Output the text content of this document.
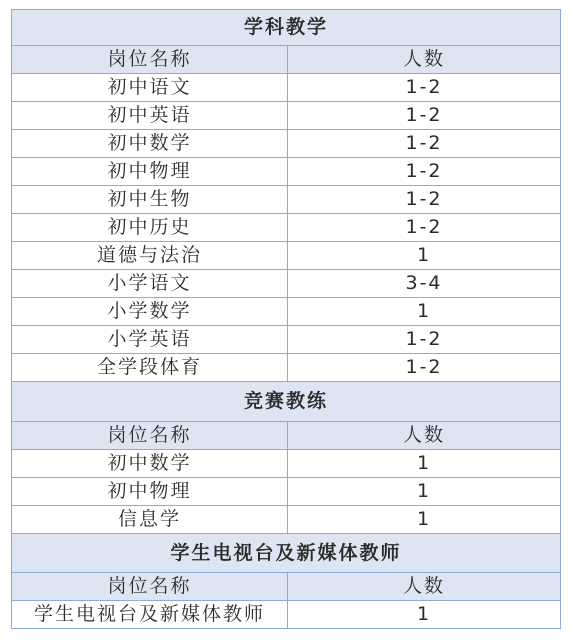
学科教学	
岗位名称	人数
初中语文	1-2
初中英语	1-2
初中数学	1-2
初中物理	1-2
初中生物	1-2
初中历史	1-2
道德与法治	1
小学语文	3-4
小学数学	1
小学英语	1-2
全学段体育	1-2
竞赛教练	
岗位名称	人数
初中数学	1
初中物理	1
信息学	1
学生电视台及新媒体教师	
岗位名称	人数
学生电视台及新媒体教师	1
